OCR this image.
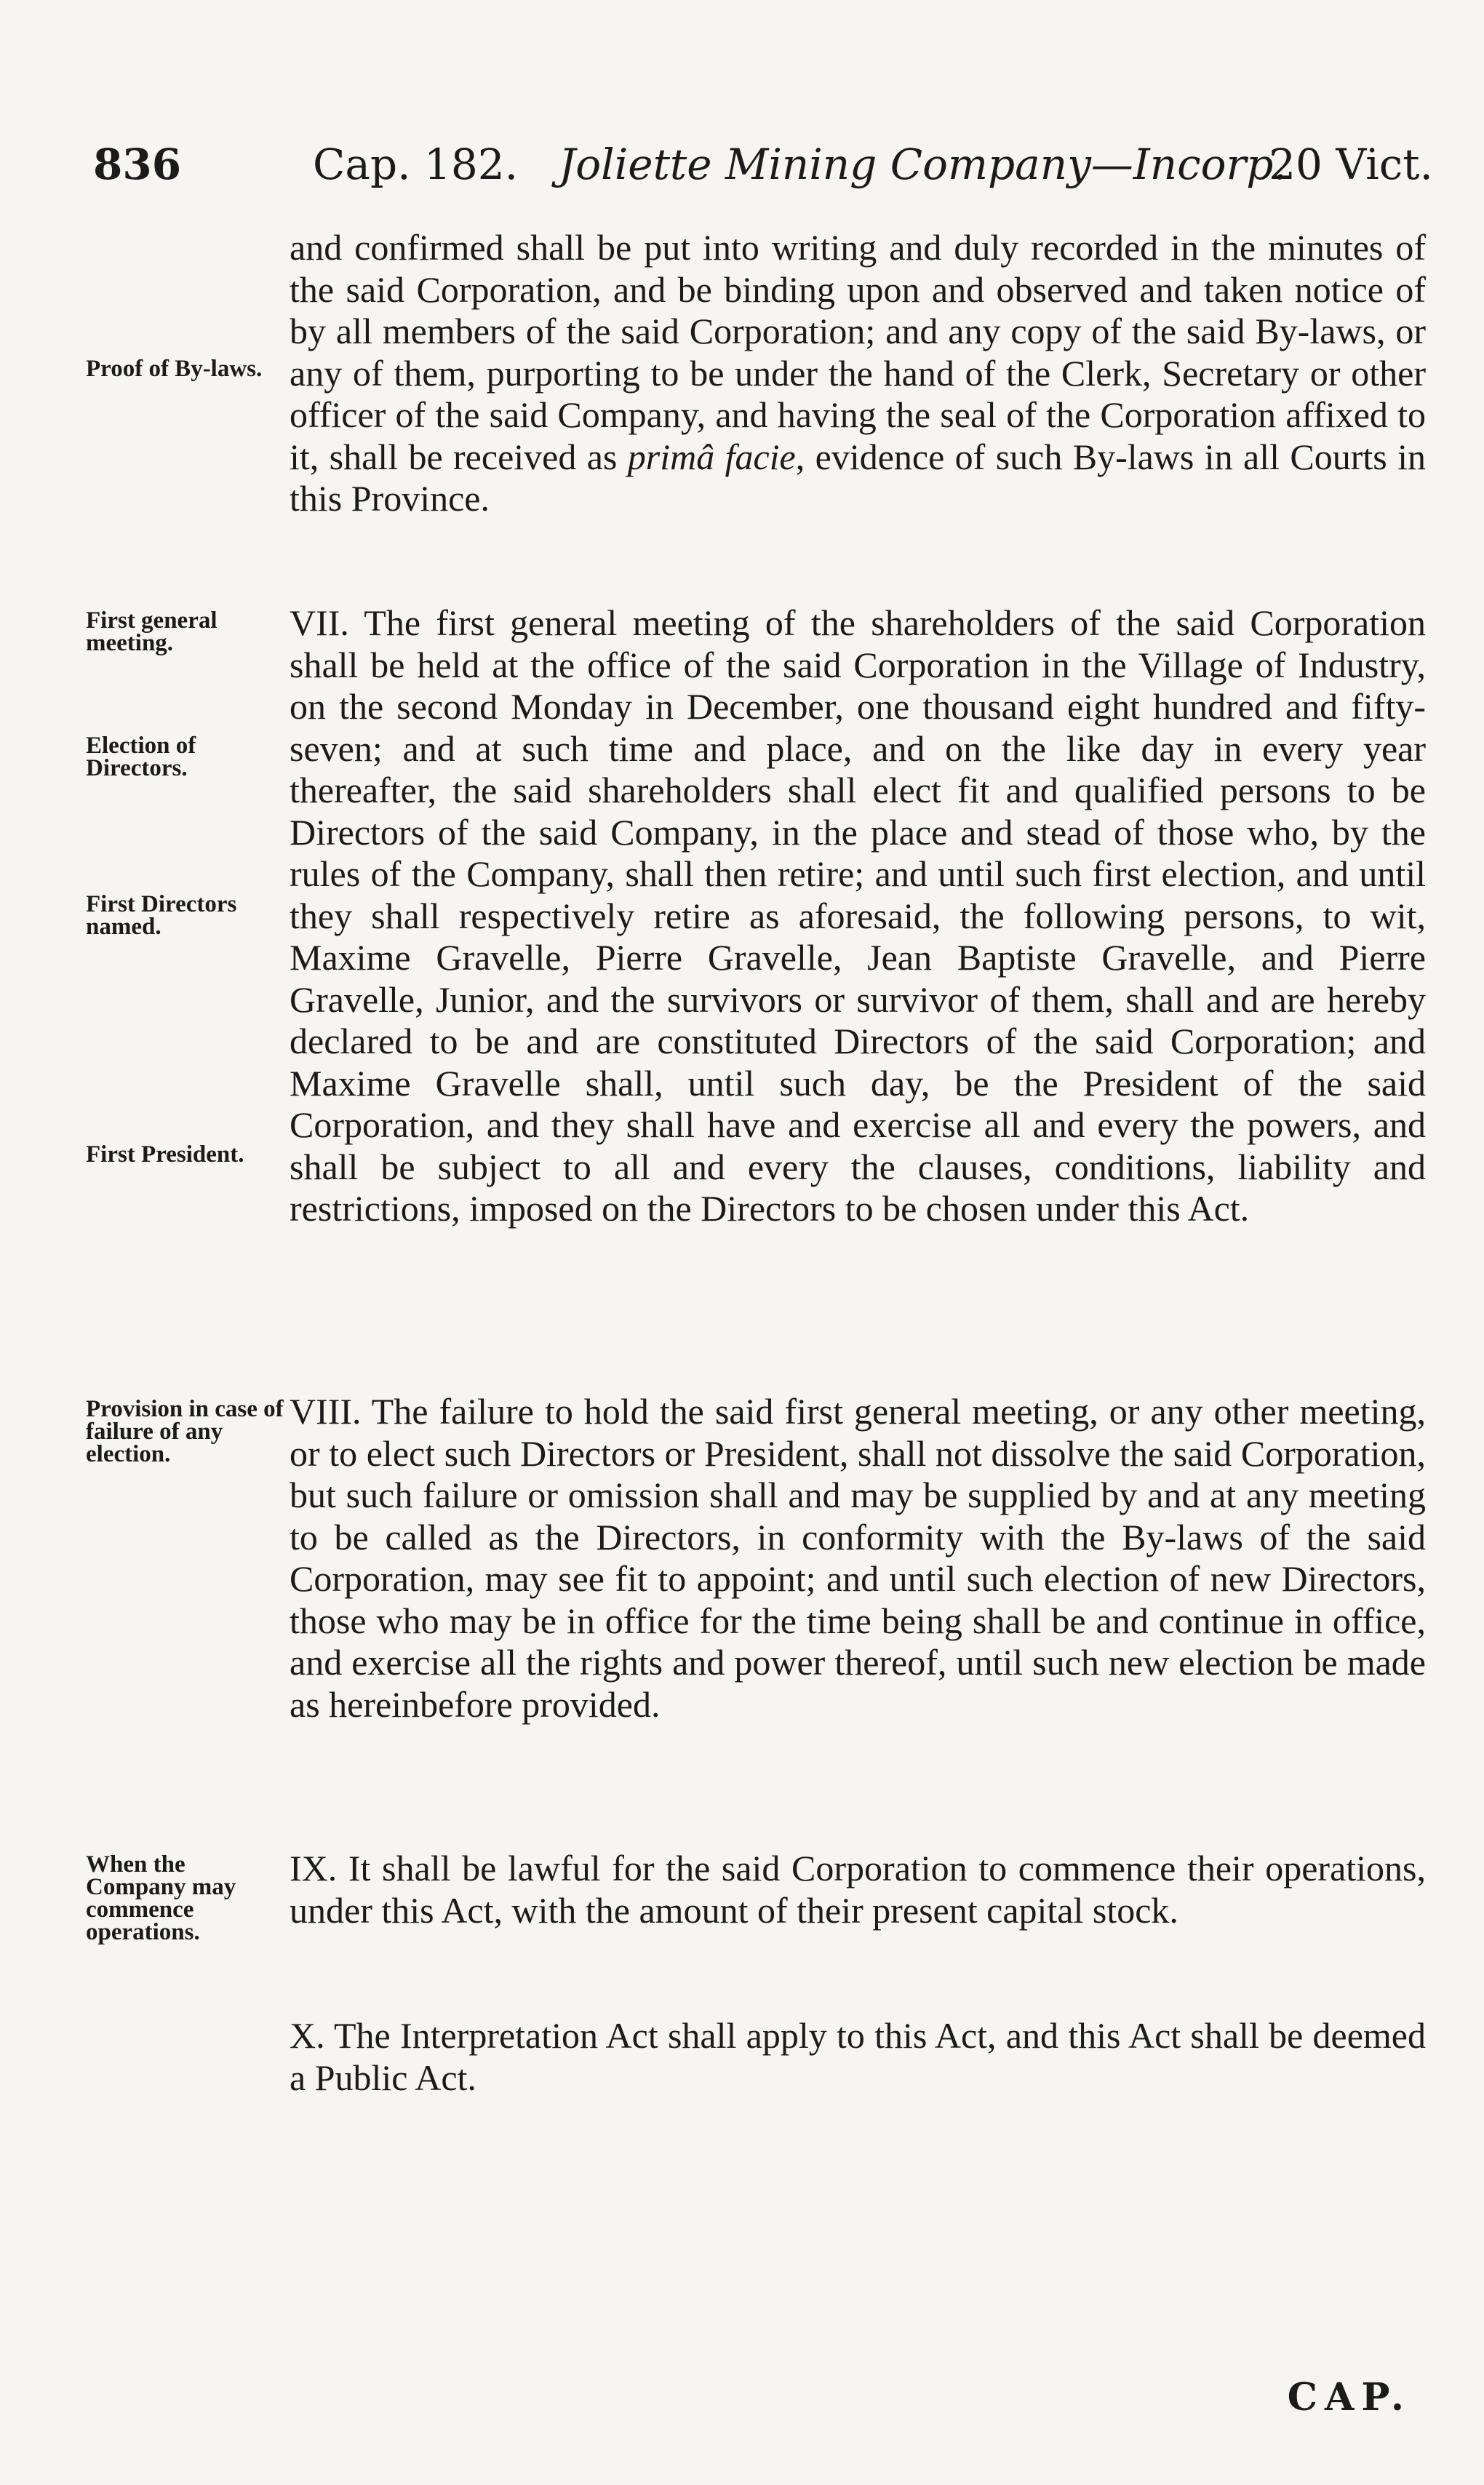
836	Cap. 182. Joliette Mining Company—Incorp.
20 Vict.

Proof of By-laws.

First general meeting.

Election of Directors.

First Directors named.

First President.

Provision in case of failure of any election.

When the Company may commence operations.

and confirmed shall be put into writing and duly recorded in the minutes of the said Corporation, and be binding upon and observed and taken notice of by all members of the said Corporation; and any copy of the said By-laws, or any of them, purporting to be under the hand of the Clerk, Secretary or other officer of the said Company, and having the seal of the Corporation affixed to it, shall be received as primâ facie, evidence of such By-laws in all Courts in this Province.

VII. The first general meeting of the shareholders of the said Corporation shall be held at the office of the said Corporation in the Village of Industry, on the second Monday in December, one thousand eight hundred and fifty-seven; and at such time and place, and on the like day in every year thereafter, the said shareholders shall elect fit and qualified persons to be Directors of the said Company, in the place and stead of those who, by the rules of the Company, shall then retire; and until such first election, and until they shall respectively retire as aforesaid, the following persons, to wit, Maxime Gravelle, Pierre Gravelle, Jean Baptiste Gravelle, and Pierre Gravelle, Junior, and the survivors or survivor of them, shall and are hereby declared to be and are constituted Directors of the said Corporation; and Maxime Gravelle shall, until such day, be the President of the said Corporation, and they shall have and exercise all and every the powers, and shall be subject to all and every the clauses, conditions, liability and restrictions, imposed on the Directors to be chosen under this Act.

VIII. The failure to hold the said first general meeting, or any other meeting, or to elect such Directors or President, shall not dissolve the said Corporation, but such failure or omission shall and may be supplied by and at any meeting to be called as the Directors, in conformity with the By-laws of the said Corporation, may see fit to appoint; and until such election of new Directors, those who may be in office for the time being shall be and continue in office, and exercise all the rights and power thereof, until such new election be made as hereinbefore provided.

IX. It shall be lawful for the said Corporation to commence their operations, under this Act, with the amount of their present capital stock.

X. The Interpretation Act shall apply to this Act, and this Act shall be deemed a Public Act.

CAP.
